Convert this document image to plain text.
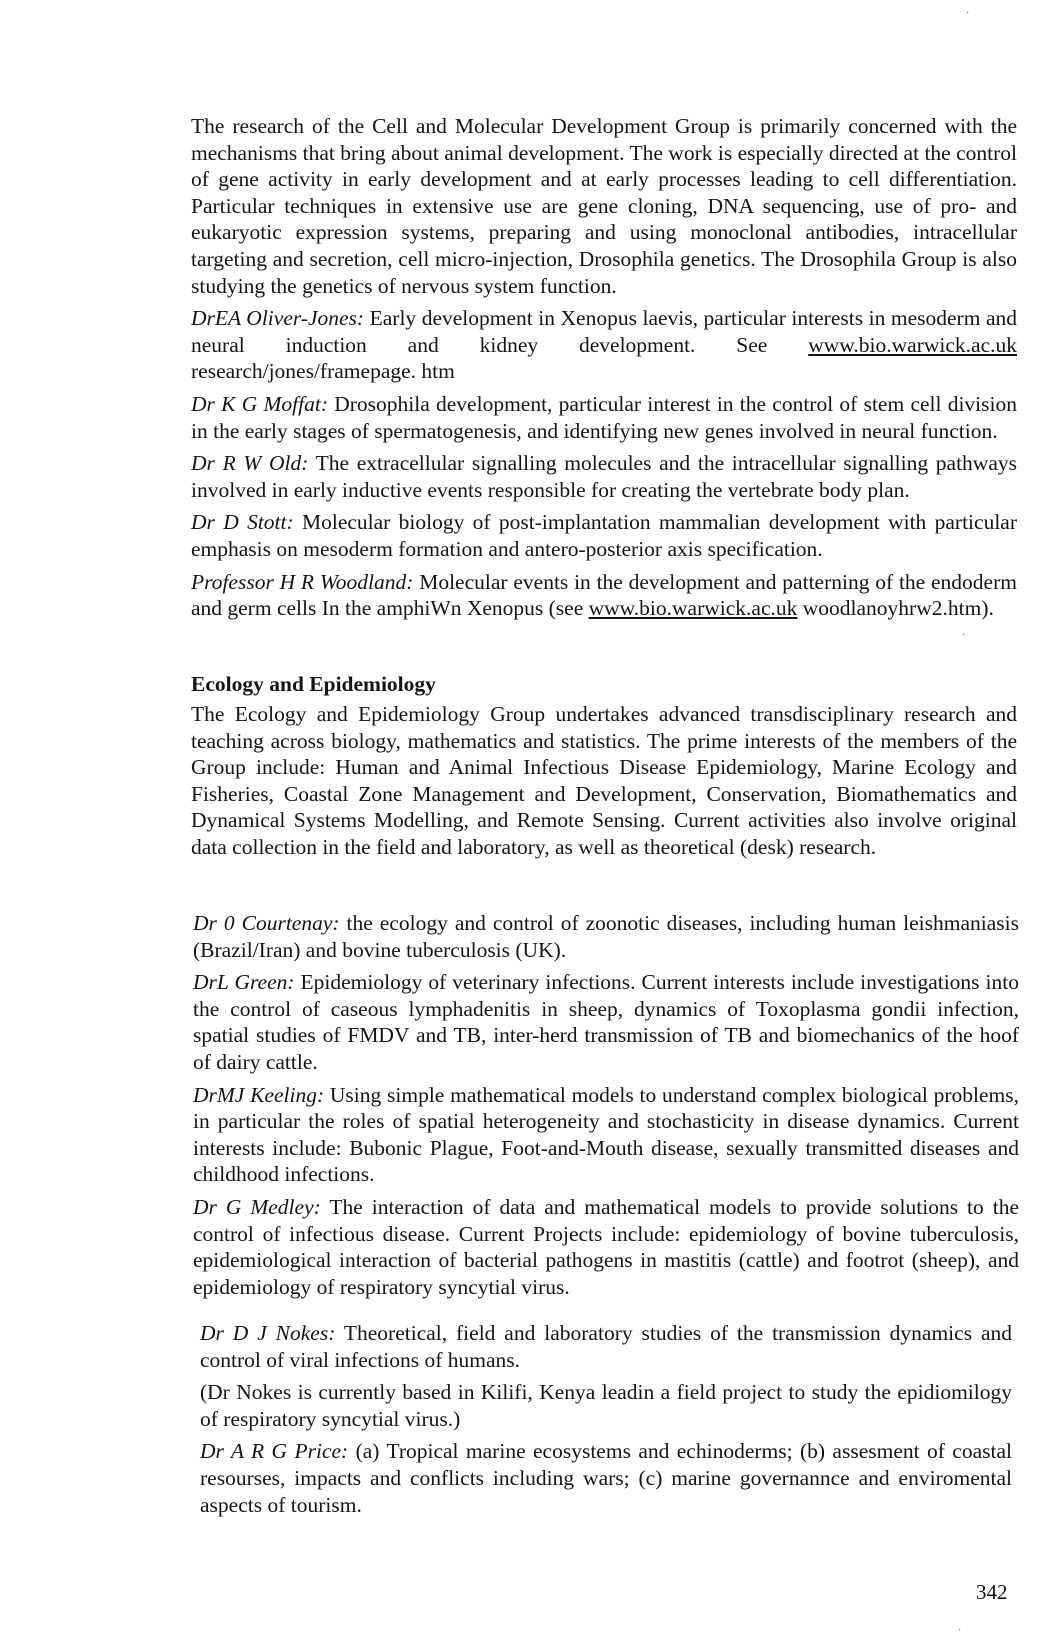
The research of the Cell and Molecular Development Group is primarily concerned with the mechanisms that bring about animal development. The work is especially directed at the control of gene activity in early development and at early processes leading to cell differentiation. Particular techniques in extensive use are gene cloning, DNA sequencing, use of pro- and eukaryotic expression systems, preparing and using monoclonal antibodies, intracellular targeting and secretion, cell micro-injection, Drosophila genetics. The Drosophila Group is also studying the genetics of nervous system function.

DrEA Oliver-Jones: Early development in Xenopus laevis, particular interests in mesoderm and neural induction and kidney development. See www.bio.warwick.ac.uk research/jones/framepage. htm

Dr K G Moffat: Drosophila development, particular interest in the control of stem cell division in the early stages of spermatogenesis, and identifying new genes involved in neural function.

Dr R W Old: The extracellular signalling molecules and the intracellular signalling pathways involved in early inductive events responsible for creating the vertebrate body plan.

Dr D Stott: Molecular biology of post-implantation mammalian development with particular emphasis on mesoderm formation and antero-posterior axis specification.

Professor H R Woodland: Molecular events in the development and patterning of the endoderm and germ cells In the amphiWn Xenopus (see www.bio.warwick.ac.uk woodlanoyhrw2.htm).

Ecology and Epidemiology

The Ecology and Epidemiology Group undertakes advanced transdisciplinary research and teaching across biology, mathematics and statistics. The prime interests of the members of the Group include: Human and Animal Infectious Disease Epidemiology, Marine Ecology and Fisheries, Coastal Zone Management and Development, Conservation, Biomathematics and Dynamical Systems Modelling, and Remote Sensing. Current activities also involve original data collection in the field and laboratory, as well as theoretical (desk) research.

Dr 0 Courtenay: the ecology and control of zoonotic diseases, including human leishmaniasis (Brazil/Iran) and bovine tuberculosis (UK).

DrL Green: Epidemiology of veterinary infections. Current interests include investigations into the control of caseous lymphadenitis in sheep, dynamics of Toxoplasma gondii infection, spatial studies of FMDV and TB, inter-herd transmission of TB and biomechanics of the hoof of dairy cattle.

DrMJ Keeling: Using simple mathematical models to understand complex biological problems, in particular the roles of spatial heterogeneity and stochasticity in disease dynamics. Current interests include: Bubonic Plague, Foot-and-Mouth disease, sexually transmitted diseases and childhood infections.

Dr G Medley: The interaction of data and mathematical models to provide solutions to the control of infectious disease. Current Projects include: epidemiology of bovine tuberculosis, epidemiological interaction of bacterial pathogens in mastitis (cattle) and footrot (sheep), and epidemiology of respiratory syncytial virus.

Dr D J Nokes: Theoretical, field and laboratory studies of the transmission dynamics and control of viral infections of humans.

(Dr Nokes is currently based in Kilifi, Kenya leadin a field project to study the epidiomilogy of respiratory syncytial virus.)

Dr A R G Price: (a) Tropical marine ecosystems and echinoderms; (b) assesment of coastal resourses, impacts and conflicts including wars; (c) marine governannce and enviromental aspects of tourism.

342
·
·
·
